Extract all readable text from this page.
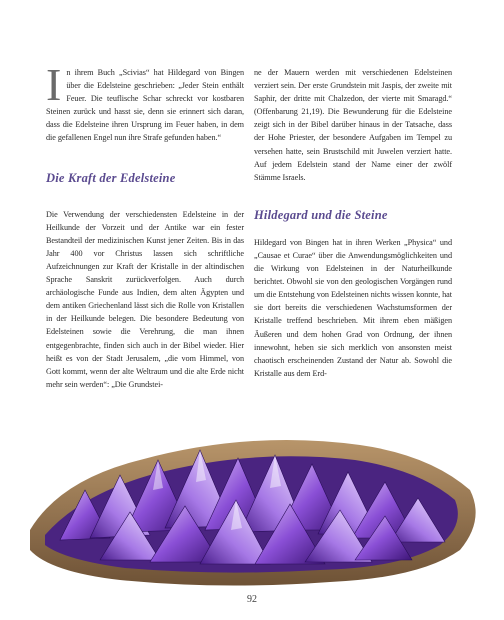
I n ihrem Buch „Scivias“ hat Hildegard von Bingen über die Edelsteine geschrieben: „Jeder Stein enthält Feuer. Die teuflische Schar schreckt vor kostbaren Steinen zurück und hasst sie, denn sie erinnert sich daran, dass die Edelsteine ihren Ursprung im Feuer haben, in dem die gefallenen Engel nun ihre Strafe gefunden haben.“

Die Kraft der Edelsteine

Die Verwendung der verschiedensten Edelsteine in der Heilkunde der Vorzeit und der Antike war ein fester Bestandteil der medizinischen Kunst jener Zeiten. Bis in das Jahr 400 vor Christus lassen sich schriftliche Aufzeichnungen zur Kraft der Kristalle in der altindischen Sprache Sanskrit zurückverfolgen. Auch durch archäologische Funde aus Indien, dem alten Ägypten und dem antiken Griechenland lässt sich die Rolle von Kristallen in der Heilkunde belegen. Die besondere Bedeutung von Edelsteinen sowie die Verehrung, die man ihnen entgegenbrachte, finden sich auch in der Bibel wieder. Hier heißt es von der Stadt Jerusalem, „die vom Himmel, von Gott kommt, wenn der alte Weltraum und die alte Erde nicht mehr sein werden“: „Die Grundstei-

ne der Mauern werden mit verschiedenen Edelsteinen verziert sein. Der erste Grundstein mit Jaspis, der zweite mit Saphir, der dritte mit Chalzedon, der vierte mit Smaragd.“ (Offenbarung 21,19). Die Bewunderung für die Edelsteine zeigt sich in der Bibel darüber hinaus in der Tatsache, dass der Hohe Priester, der besondere Aufgaben im Tempel zu versehen hatte, sein Brustschild mit Juwelen verziert hatte. Auf jedem Edelstein stand der Name einer der zwölf Stämme Israels.

Hildegard und die Steine

Hildegard von Bingen hat in ihren Werken „Physica“ und „Causae et Curae“ über die Anwendungsmöglichkeiten und die Wirkung von Edelsteinen in der Naturheilkunde berichtet. Obwohl sie von den geologischen Vorgängen rund um die Entstehung von Edelsteinen nichts wissen konnte, hat sie dort bereits die verschiedenen Wachstumsformen der Kristalle treffend beschrieben. Mit ihrem eben mäßigen Äußeren und dem hohen Grad von Ordnung, der ihnen innewohnt, heben sie sich merklich von ansonsten meist chaotisch erscheinenden Zustand der Natur ab. Sowohl die Kristalle aus dem Erd-

92
